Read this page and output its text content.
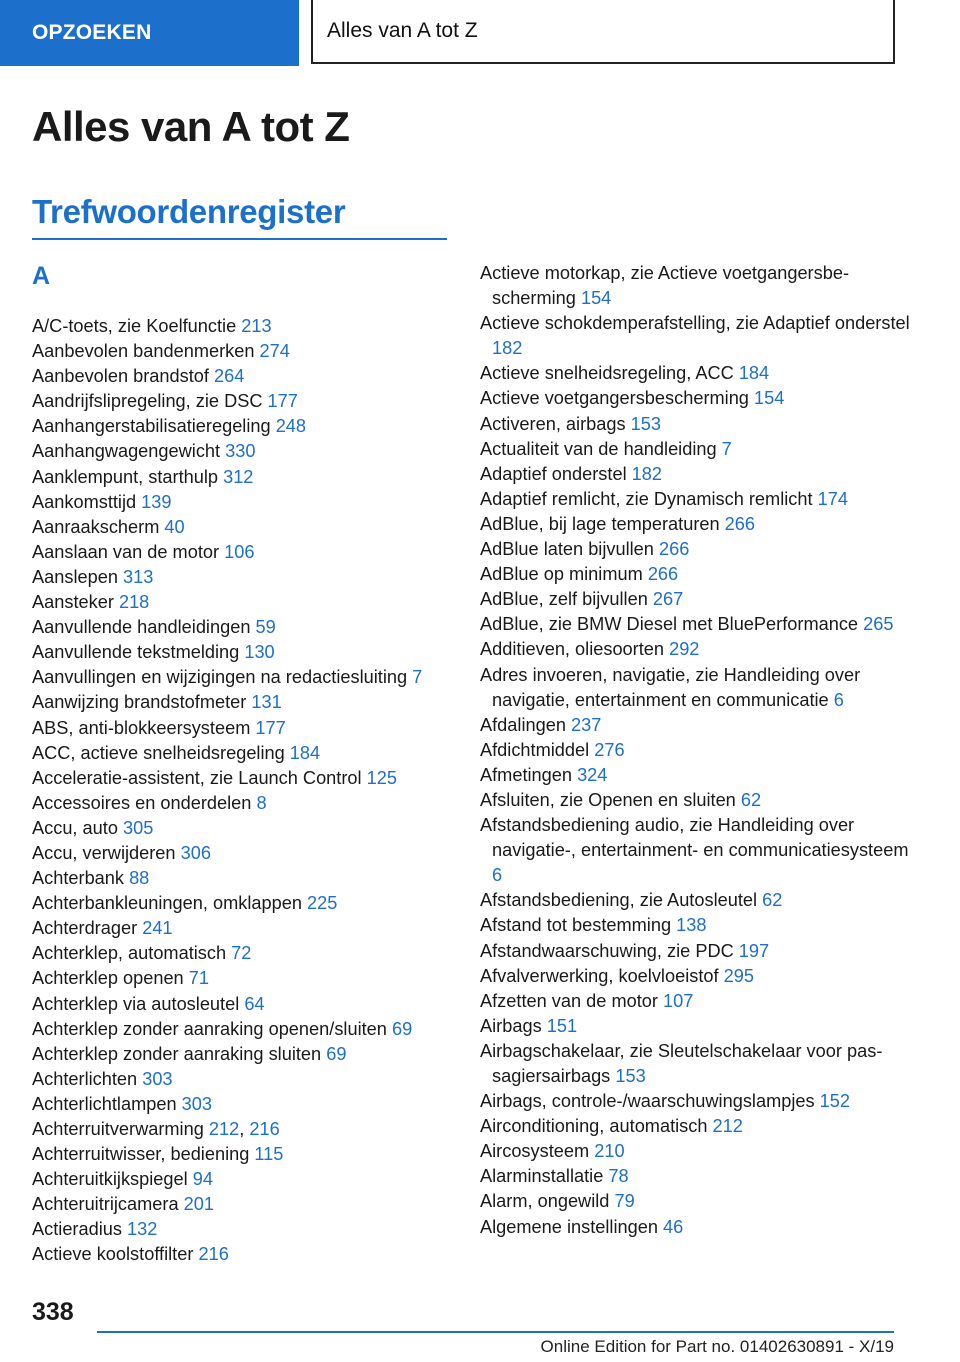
OPZOEKEN	Alles van A tot Z
Alles van A tot Z
Trefwoordenregister
A
A/C-toets, zie Koelfunctie 213
Aanbevolen bandenmerken 274
Aanbevolen brandstof 264
Aandrijfslipregeling, zie DSC 177
Aanhangerstabilisatieregeling 248
Aanhangwagengewicht 330
Aanklempunt, starthulp 312
Aankomsttijd 139
Aanraakscherm 40
Aanslaan van de motor 106
Aanslepen 313
Aansteker 218
Aanvullende handleidingen 59
Aanvullende tekstmelding 130
Aanvullingen en wijzigingen na redactiesluiting 7
Aanwijzing brandstofmeter 131
ABS, anti-blokkeersysteem 177
ACC, actieve snelheidsregeling 184
Acceleratie-assistent, zie Launch Control 125
Accessoires en onderdelen 8
Accu, auto 305
Accu, verwijderen 306
Achterbank 88
Achterbankleuningen, omklappen 225
Achterdrager 241
Achterklep, automatisch 72
Achterklep openen 71
Achterklep via autosleutel 64
Achterklep zonder aanraking openen/sluiten 69
Achterklep zonder aanraking sluiten 69
Achterlichten 303
Achterlichtlampen 303
Achterruitverwarming 212, 216
Achterruitwisser, bediening 115
Achteruitkijkspiegel 94
Achteruitrijcamera 201
Actieradius 132
Actieve koolstoffilter 216
Actieve motorkap, zie Actieve voetgangersbescherming 154
Actieve schokdemperafstelling, zie Adaptief onderstel 182
Actieve snelheidsregeling, ACC 184
Actieve voetgangersbescherming 154
Activeren, airbags 153
Actualiteit van de handleiding 7
Adaptief onderstel 182
Adaptief remlicht, zie Dynamisch remlicht 174
AdBlue, bij lage temperaturen 266
AdBlue laten bijvullen 266
AdBlue op minimum 266
AdBlue, zelf bijvullen 267
AdBlue, zie BMW Diesel met BluePerformance 265
Additieven, oliesoorten 292
Adres invoeren, navigatie, zie Handleiding over navigatie, entertainment en communicatie 6
Afdalingen 237
Afdichtmiddel 276
Afmetingen 324
Afsluiten, zie Openen en sluiten 62
Afstandsbediening audio, zie Handleiding over navigatie-, entertainment- en communicatiesysteem 6
Afstandsbediening, zie Autosleutel 62
Afstand tot bestemming 138
Afstandwaarschuwing, zie PDC 197
Afvalverwerking, koelvloeistof 295
Afzetten van de motor 107
Airbags 151
Airbagschakelaar, zie Sleutelschakelaar voor passagiersairbags 153
Airbags, controle-/waarschuwingslampjes 152
Airconditioning, automatisch 212
Aircosysteem 210
Alarminstallatie 78
Alarm, ongewild 79
Algemene instellingen 46
338
Online Edition for Part no. 01402630891 - X/19
